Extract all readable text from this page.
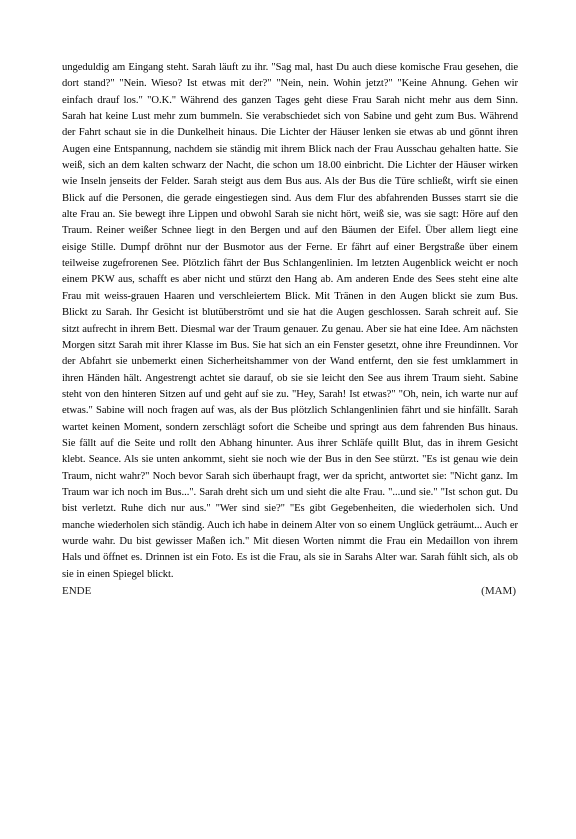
ungeduldig am Eingang steht. Sarah läuft zu ihr. "Sag mal, hast Du auch diese komische Frau gesehen, die dort stand?" "Nein. Wieso? Ist etwas mit der?" "Nein, nein. Wohin jetzt?" "Keine Ahnung. Gehen wir einfach drauf los." "O.K." Während des ganzen Tages geht diese Frau Sarah nicht mehr aus dem Sinn. Sarah hat keine Lust mehr zum bummeln. Sie verabschiedet sich von Sabine und geht zum Bus. Während der Fahrt schaut sie in die Dunkelheit hinaus. Die Lichter der Häuser lenken sie etwas ab und gönnt ihren Augen eine Entspannung, nachdem sie ständig mit ihrem Blick nach der Frau Ausschau gehalten hatte. Sie weiß, sich an dem kalten schwarz der Nacht, die schon um 18.00 einbricht. Die Lichter der Häuser wirken wie Inseln jenseits der Felder. Sarah steigt aus dem Bus aus. Als der Bus die Türe schließt, wirft sie einen Blick auf die Personen, die gerade eingestiegen sind. Aus dem Flur des abfahrenden Busses starrt sie die alte Frau an. Sie bewegt ihre Lippen und obwohl Sarah sie nicht hört, weiß sie, was sie sagt: Höre auf den Traum. Reiner weißer Schnee liegt in den Bergen und auf den Bäumen der Eifel. Über allem liegt eine eisige Stille. Dumpf dröhnt nur der Busmotor aus der Ferne. Er fährt auf einer Bergstraße über einem teilweise zugefrorenen See. Plötzlich fährt der Bus Schlangenlinien. Im letzten Augenblick weicht er noch einem PKW aus, schafft es aber nicht und stürzt den Hang ab. Am anderen Ende des Sees steht eine alte Frau mit weiss-grauen Haaren und verschleiertem Blick. Mit Tränen in den Augen blickt sie zum Bus. Blickt zu Sarah. Ihr Gesicht ist blutüberströmt und sie hat die Augen geschlossen. Sarah schreit auf. Sie sitzt aufrecht in ihrem Bett. Diesmal war der Traum genauer. Zu genau. Aber sie hat eine Idee. Am nächsten Morgen sitzt Sarah mit ihrer Klasse im Bus. Sie hat sich an ein Fenster gesetzt, ohne ihre Freundinnen. Vor der Abfahrt sie unbemerkt einen Sicherheitshammer von der Wand entfernt, den sie fest umklammert in ihren Händen hält. Angestrengt achtet sie darauf, ob sie sie leicht den See aus ihrem Traum sieht. Sabine steht von den hinteren Sitzen auf und geht auf sie zu. "Hey, Sarah! Ist etwas?" "Oh, nein, ich warte nur auf etwas." Sabine will noch fragen auf was, als der Bus plötzlich Schlangenlinien fährt und sie hinfällt. Sarah wartet keinen Moment, sondern zerschlägt sofort die Scheibe und springt aus dem fahrenden Bus hinaus. Sie fällt auf die Seite und rollt den Abhang hinunter. Aus ihrer Schläfe quillt Blut, das in ihrem Gesicht klebt. Seance. Als sie unten ankommt, sieht sie noch wie der Bus in den See stürzt. "Es ist genau wie dein Traum, nicht wahr?" Noch bevor Sarah sich überhaupt fragt, wer da spricht, antwortet sie: "Nicht ganz. Im Traum war ich noch im Bus...". Sarah dreht sich um und sieht die alte Frau. "...und sie." "Ist schon gut. Du bist verletzt. Ruhe dich nur aus." "Wer sind sie?" "Es gibt Gegebenheiten, die wiederholen sich. Und manche wiederholen sich ständig. Auch ich habe in deinem Alter von so einem Unglück geträumt... Auch er wurde wahr. Du bist gewisser Maßen ich." Mit diesen Worten nimmt die Frau ein Medaillon von ihrem Hals und öffnet es. Drinnen ist ein Foto. Es ist die Frau, als sie in Sarahs Alter war. Sarah fühlt sich, als ob sie in einen Spiegel blickt.

ENDE	(MAM)
